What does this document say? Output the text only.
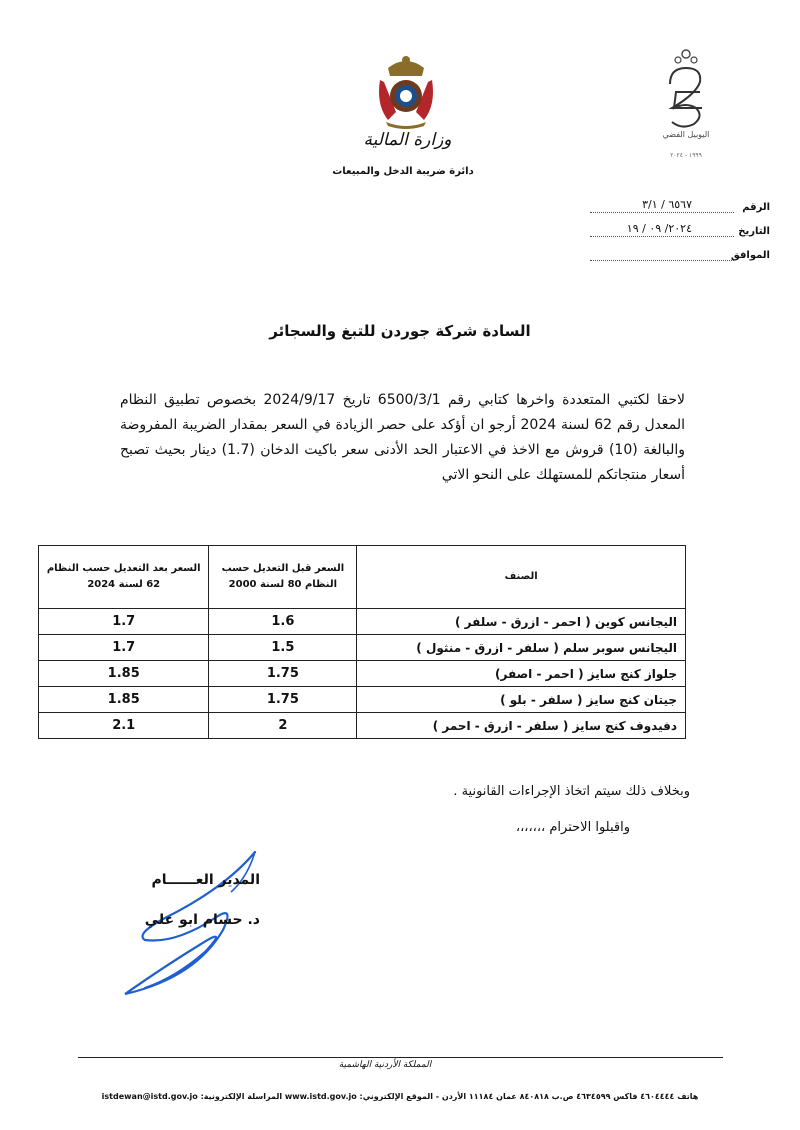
وزارة المالية
دائرة ضريبة الدخل والمبيعات
اليوبيل الفضي
١٩٩٩ - ٢٠٢٤
الرقم
٦٥٦٧ / ٣/١
التاريخ
٢٠٢٤/ ٠٩ / ١٩
الموافق
السادة شركة جوردن للتبغ والسجائر
لاحقا لكتبي المتعددة واخرها كتابي رقم 6500/3/1 تاريخ 2024/9/17 بخصوص تطبيق النظام المعدل رقم 62 لسنة 2024 أرجو ان أؤكد على حصر الزيادة في السعر بمقدار الضريبة المفروضة والبالغة (10) قروش مع الاخذ في الاعتبار الحد الأدنى سعر باكيت الدخان (1.7) دينار بحيث تصبح أسعار منتجاتكم للمستهلك على النحو الاتي
الصنف	السعر قبل التعديل حسب النظام 80 لسنة 2000	السعر بعد التعديل حسب النظام 62 لسنة 2024
اليجانس كوين ( احمر - ازرق - سلفر )	1.6	1.7
اليجانس سوبر سلم ( سلفر - ازرق - منثول )	1.5	1.7
جلواز كنج سايز ( احمر - اصفر)	1.75	1.85
جيتان كنج سايز ( سلفر - بلو )	1.75	1.85
دفيدوف كنج سايز ( سلفر - ازرق - احمر )	2	2.1
وبخلاف ذلك سيتم اتخاذ الإجراءات القانونية .
واقبلوا الاحترام ،،،،،،،
المدير العــــــام
د. حسام ابو علي
المملكة الأردنية الهاشمية
هاتف ٤٦٠٤٤٤٤ فاكس ٤٦٣٤٥٩٩ ص.ب ٨٤٠٨١٨ عمان ١١١٨٤ الأردن - الموقع الإلكتروني: www.istd.gov.jo المراسلة الإلكترونية: istdewan@istd.gov.jo
